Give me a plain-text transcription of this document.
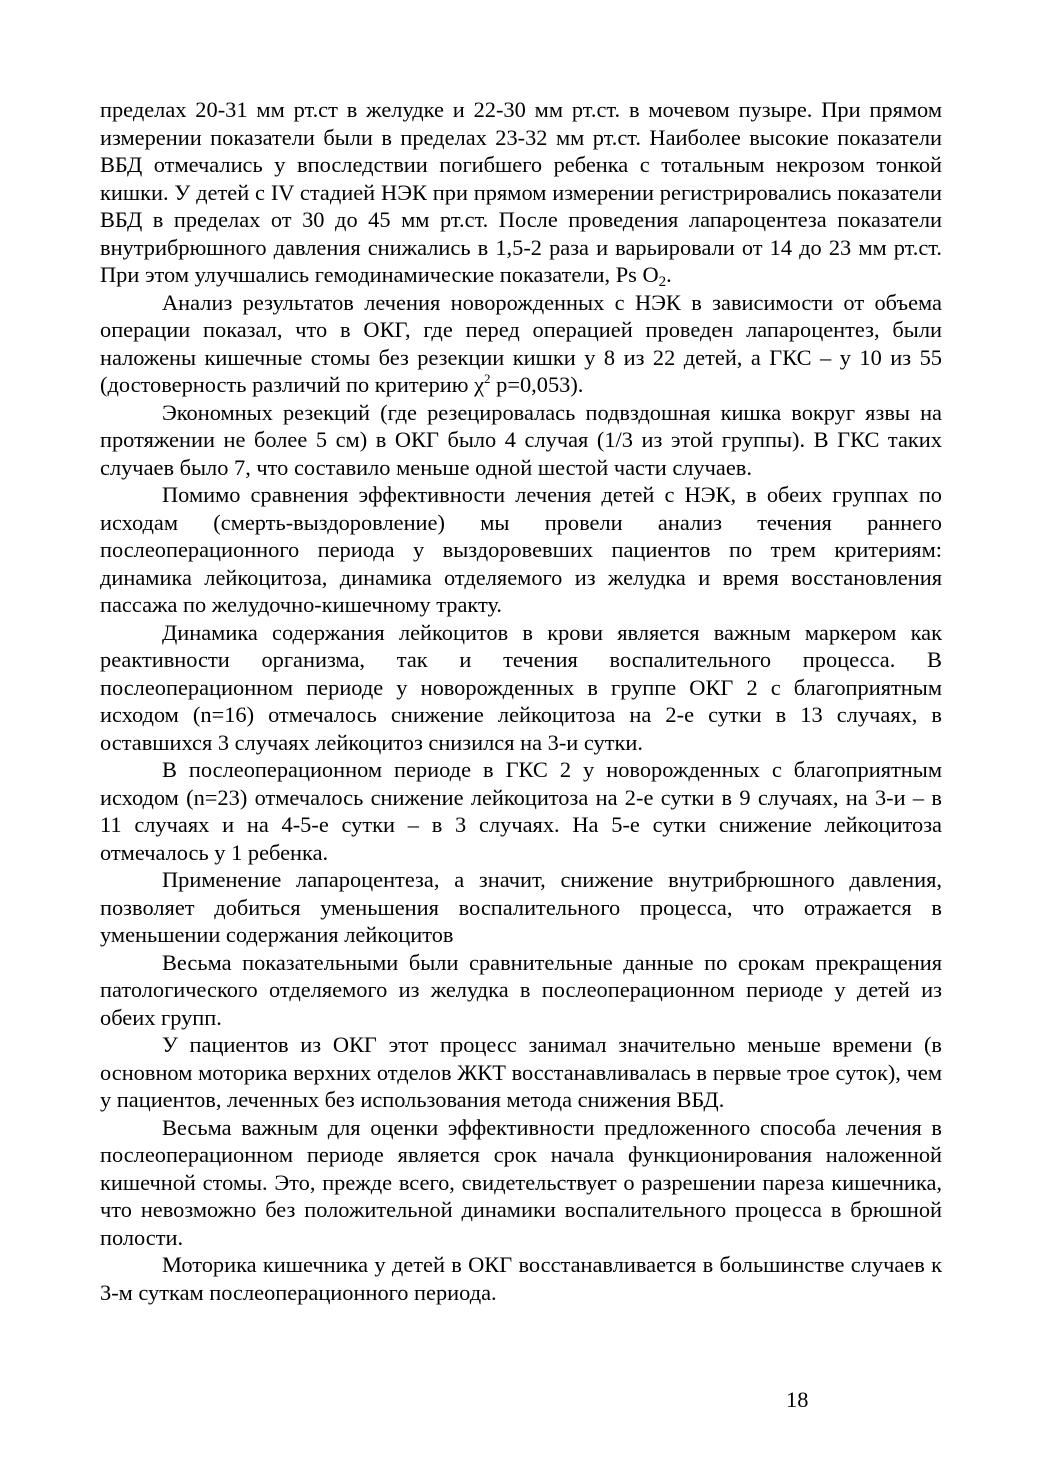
пределах 20-31 мм рт.ст в желудке и 22-30 мм рт.ст. в мочевом пузыре. При прямом измерении показатели были в пределах 23-32 мм рт.ст. Наиболее высокие показатели ВБД отмечались у впоследствии погибшего ребенка с тотальным некрозом тонкой кишки. У детей с IV стадией НЭК при прямом измерении регистрировались показатели ВБД в пределах от 30 до 45 мм рт.ст. После проведения лапароцентеза показатели внутрибрюшного давления снижались в 1,5-2 раза и варьировали от 14 до 23 мм рт.ст. При этом улучшались гемодинамические показатели, Ps $O_2$.

Анализ результатов лечения новорожденных с НЭК в зависимости от объема операции показал, что в ОКГ, где перед операцией проведен лапароцентез, были наложены кишечные стомы без резекции кишки у 8 из 22 детей, а ГКС – у 10 из 55 (достоверность различий по критерию $\chi^2$ p=0,053).

Экономных резекций (где резецировалась подвздошная кишка вокруг язвы на протяжении не более 5 см) в ОКГ было 4 случая (1/3 из этой группы). В ГКС таких случаев было 7, что составило меньше одной шестой части случаев.

Помимо сравнения эффективности лечения детей с НЭК, в обеих группах по исходам (смерть-выздоровление) мы провели анализ течения раннего послеоперационного периода у выздоровевших пациентов по трем критериям: динамика лейкоцитоза, динамика отделяемого из желудка и время восстановления пассажа по желудочно-кишечному тракту.

Динамика содержания лейкоцитов в крови является важным маркером как реактивности организма, так и течения воспалительного процесса. В послеоперационном периоде у новорожденных в группе ОКГ 2 с благоприятным исходом (n=16) отмечалось снижение лейкоцитоза на 2-е сутки в 13 случаях, в оставшихся 3 случаях лейкоцитоз снизился на 3-и сутки.

В послеоперационном периоде в ГКС 2 у новорожденных с благоприятным исходом (n=23) отмечалось снижение лейкоцитоза на 2-е сутки в 9 случаях, на 3-и – в 11 случаях и на 4-5-е сутки – в 3 случаях. На 5-е сутки снижение лейкоцитоза отмечалось у 1 ребенка.

Применение лапароцентеза, а значит, снижение внутрибрюшного давления, позволяет добиться уменьшения воспалительного процесса, что отражается в уменьшении содержания лейкоцитов

Весьма показательными были сравнительные данные по срокам прекращения патологического отделяемого из желудка в послеоперационном периоде у детей из обеих групп.

У пациентов из ОКГ этот процесс занимал значительно меньше времени (в основном моторика верхних отделов ЖКТ восстанавливалась в первые трое суток), чем у пациентов, леченных без использования метода снижения ВБД.

Весьма важным для оценки эффективности предложенного способа лечения в послеоперационном периоде является срок начала функционирования наложенной кишечной стомы. Это, прежде всего, свидетельствует о разрешении пареза кишечника, что невозможно без положительной динамики воспалительного процесса в брюшной полости.

Моторика кишечника у детей в ОКГ восстанавливается в большинстве случаев к 3-м суткам послеоперационного периода.

18
